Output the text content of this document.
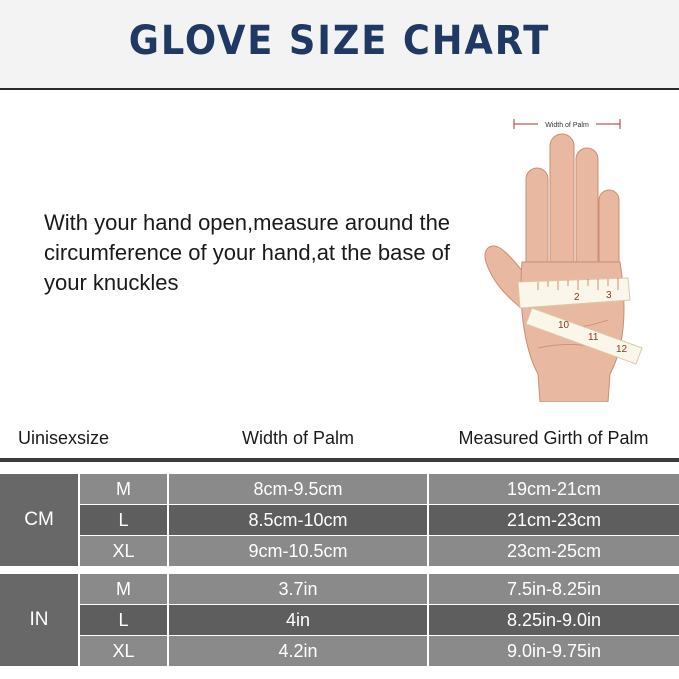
GLOVE SIZE CHART
With your hand open,measure around the circumference of your hand,at the base of your knuckles
Width of Palm
2	3
10
11
12
Uinisexsize	Width of Palm	Measured Girth of Palm
CM
M	8cm-9.5cm	19cm-21cm
L	8.5cm-10cm	21cm-23cm
XL	9cm-10.5cm	23cm-25cm
IN
M	3.7in	7.5in-8.25in
L	4in	8.25in-9.0in
XL	4.2in	9.0in-9.75in
